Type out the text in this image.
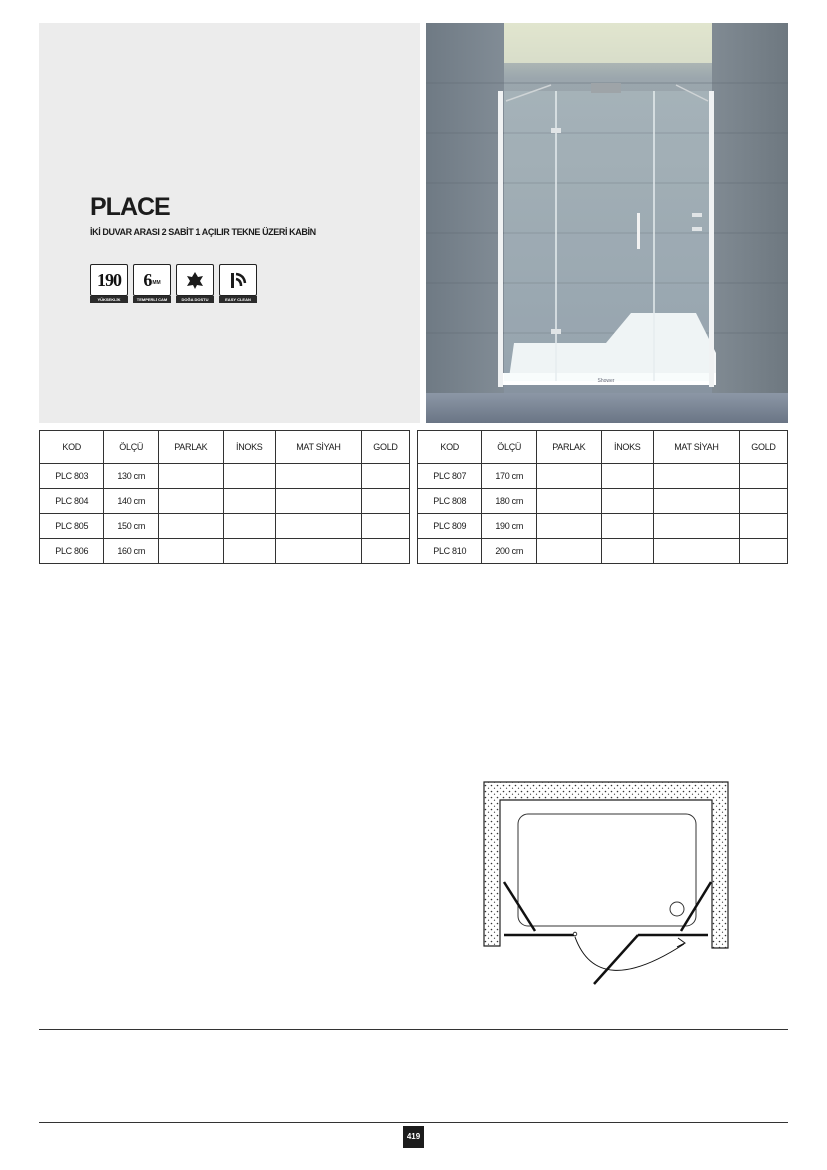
PLACE
İKİ DUVAR ARASI 2 SABİT 1 AÇILIR TEKNE ÜZERİ KABİN
190
YÜKSEKLİK
6 MM
TEMPERLİ CAM	DOĞA DOSTU	EASY CLEAN
Shower
KOD	ÖLÇÜ	PARLAK	İNOKS	MAT SİYAH	GOLD
PLC 803	130 cm				
PLC 804	140 cm				
PLC 805	150 cm				
PLC 806	160 cm				
KOD	ÖLÇÜ	PARLAK	İNOKS	MAT SİYAH	GOLD
PLC 807	170 cm				
PLC 808	180 cm				
PLC 809	190 cm				
PLC 810	200 cm				
419
